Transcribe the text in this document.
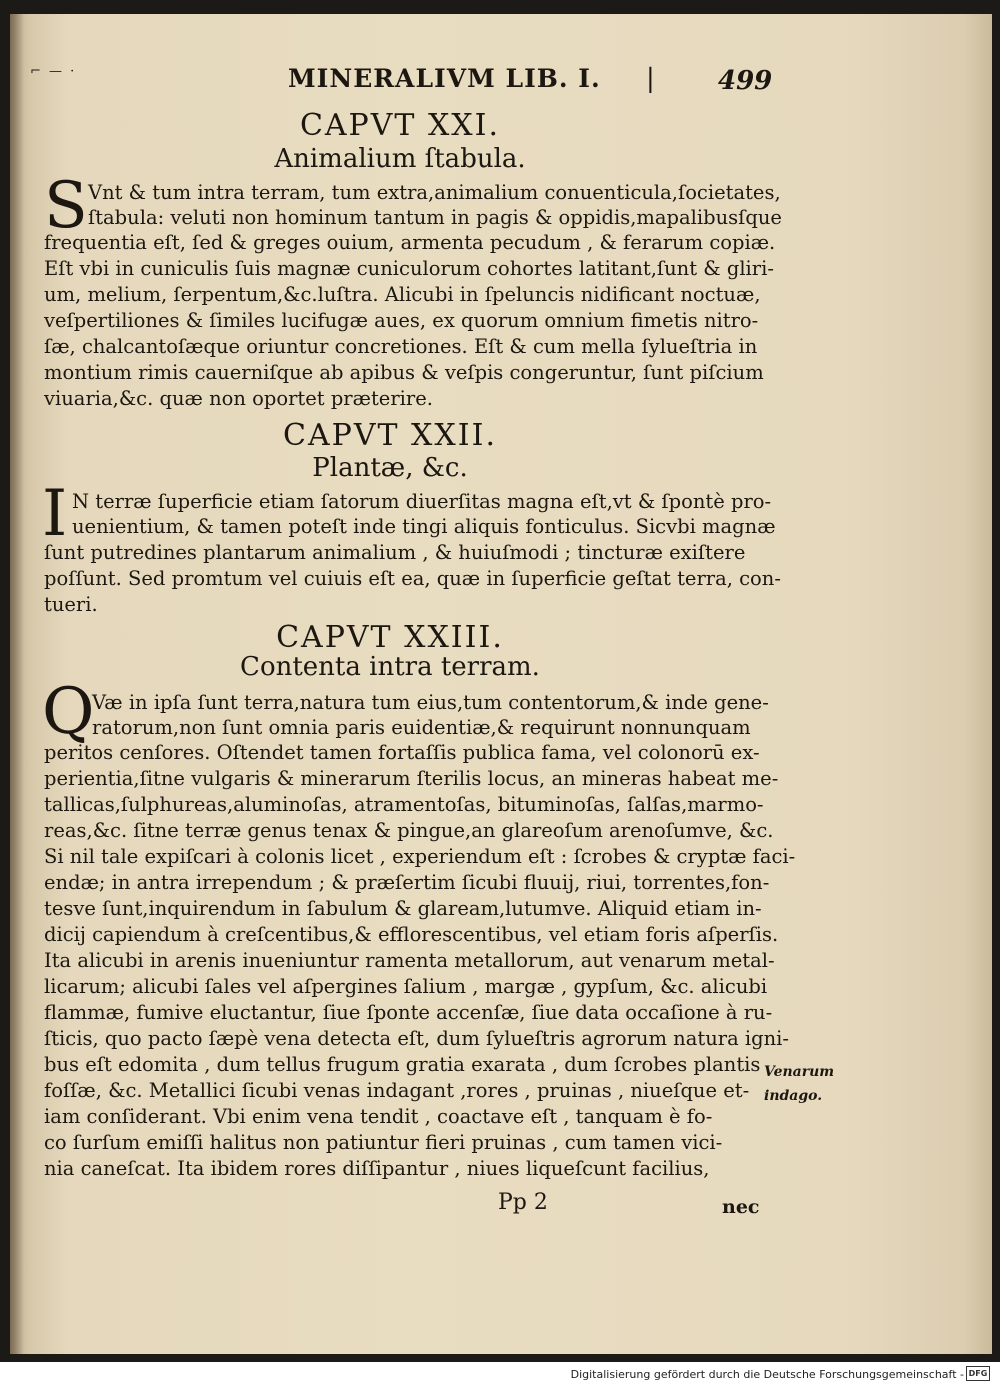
⌐ — ·	MINERALIVM LIB. I. | 499
CAPVT XXI.
Animalium ſtabula.
S Vnt & tum intra terram, tum extra,animalium conuenticula,ſocietates,
ſtabula: veluti non hominum tantum in pagis & oppidis,mapalibusſque
frequentia eſt, ſed & greges ouium, armenta pecudum , & ferarum copiæ.
Eſt vbi in cuniculis ſuis magnæ cuniculorum cohortes latitant,ſunt & gliri-
um, melium, ſerpentum,&c.luſtra. Alicubi in ſpeluncis nidificant noctuæ,
veſpertiliones & ſimiles lucifugæ aues, ex quorum omnium fimetis nitro-
ſæ, chalcantoſæque oriuntur concretiones. Eſt & cum mella ſylueſtria in
montium rimis cauerniſque ab apibus & veſpis congeruntur, ſunt piſcium
viuaria,&c. quæ non oportet præterire.
CAPVT XXII.
Plantæ, &c.
I N terræ ſuperficie etiam ſatorum diuerſitas magna eſt,vt & ſpontè pro-
uenientium, & tamen poteſt inde tingi aliquis fonticulus. Sicvbi magnæ
ſunt putredines plantarum animalium , & huiuſmodi ; tincturæ exiſtere
poſſunt. Sed promtum vel cuiuis eſt ea, quæ in ſuperficie geſtat terra, con-
tueri.
CAPVT XXIII.
Contenta intra terram.
Q
Væ in ipſa ſunt terra,natura tum eius,tum contentorum,& inde gene-
ratorum,non ſunt omnia paris euidentiæ,& requirunt nonnunquam
peritos cenſores. Oſtendet tamen fortaſſis publica fama, vel colonorū ex-
perientia,ſitne vulgaris & minerarum ſterilis locus, an mineras habeat me-
tallicas,ſulphureas,aluminoſas, atramentoſas, bituminoſas, ſalſas,marmo-
reas,&c. ſitne terræ genus tenax & pingue,an glareoſum arenoſumve, &c.
Si nil tale expiſcari à colonis licet , experiendum eſt : ſcrobes & cryptæ faci-
endæ; in antra irrependum ; & præſertim ſicubi fluuij, riui, torrentes,fon-
tesve ſunt,inquirendum in ſabulum & glaream,lutumve. Aliquid etiam in-
dicij capiendum à creſcentibus,& efflorescentibus, vel etiam foris aſperſis.
Ita alicubi in arenis inueniuntur ramenta metallorum, aut venarum metal-
licarum; alicubi ſales vel aſpergines ſalium , margæ , gypſum, &c. alicubi
flammæ, fumive eluctantur, ſiue ſponte accenſæ, ſiue data occaſione à ru-
ſticis, quo pacto ſæpè vena detecta eſt, dum ſylueſtris agrorum natura igni-
bus eſt edomita , dum tellus frugum gratia exarata , dum ſcrobes plantis
foſſæ, &c. Metallici ſicubi venas indagant ,rores , pruinas , niueſque et-
iam conſiderant. Vbi enim vena tendit , coactave eſt , tanquam è fo-
co ſurſum emiſſi halitus non patiuntur fieri pruinas , cum tamen vici-
nia caneſcat. Ita ibidem rores diſſipantur , niues liqueſcunt facilius,
Venarum
indago.
Pp 2	nec
Digitalisierung gefördert durch die Deutsche Forschungsgemeinschaft - DFG
